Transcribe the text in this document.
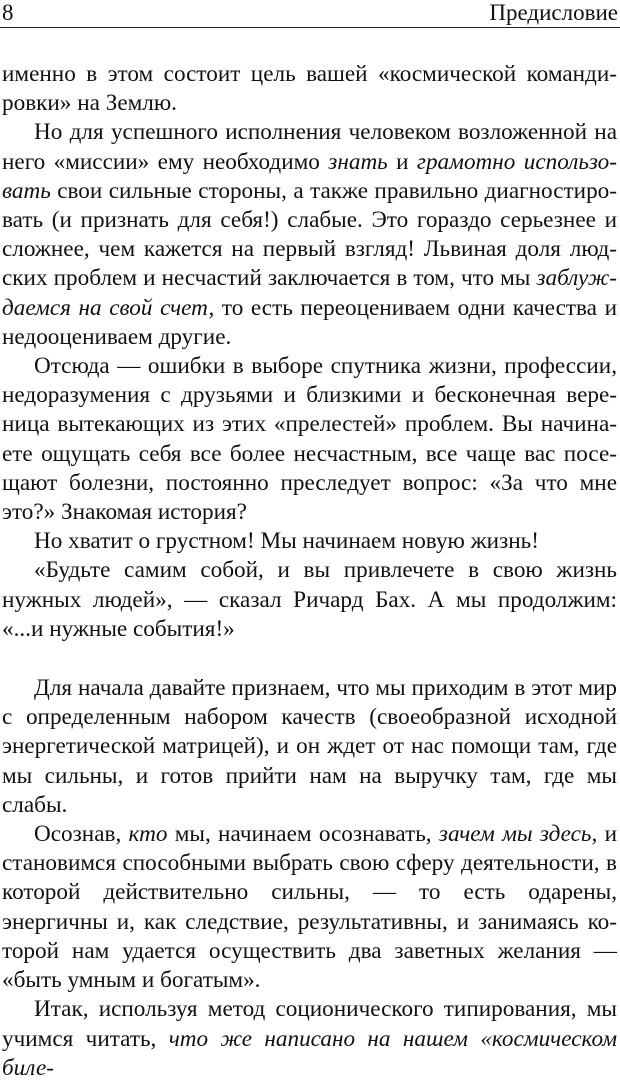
8	Предисловие

именно в этом состоит цель вашей «космической командировки» на Землю.

Но для успешного исполнения человеком возложенной на него «миссии» ему необходимо знать и грамотно использовать свои сильные стороны, а также правильно диагностировать (и признать для себя!) слабые. Это гораздо серьезнее и сложнее, чем кажется на первый взгляд! Львиная доля людских проблем и несчастий заключается в том, что мы заблуждаемся на свой счет, то есть переоцениваем одни качества и недооцениваем другие.

Отсюда — ошибки в выборе спутника жизни, профессии, недоразумения с друзьями и близкими и бесконечная вереница вытекающих из этих «прелестей» проблем. Вы начинаете ощущать себя все более несчастным, все чаще вас посещают болезни, постоянно преследует вопрос: «За что мне это?» Знакомая история?

Но хватит о грустном! Мы начинаем новую жизнь!

«Будьте самим собой, и вы привлечете в свою жизнь нужных людей», — сказал Ричард Бах. А мы продолжим: «...и нужные события!»

Для начала давайте признаем, что мы приходим в этот мир с определенным набором качеств (своеобразной исходной энергетической матрицей), и он ждет от нас помощи там, где мы сильны, и готов прийти нам на выручку там, где мы слабы.

Осознав, кто мы, начинаем осознавать, зачем мы здесь, и становимся способными выбрать свою сферу деятельности, в которой действительно сильны, — то есть одарены, энергичны и, как следствие, результативны, и занимаясь которой нам удается осуществить два заветных желания — «быть умным и богатым».

Итак, используя метод соционического типирования, мы учимся читать, что же написано на нашем «космическом биле-
